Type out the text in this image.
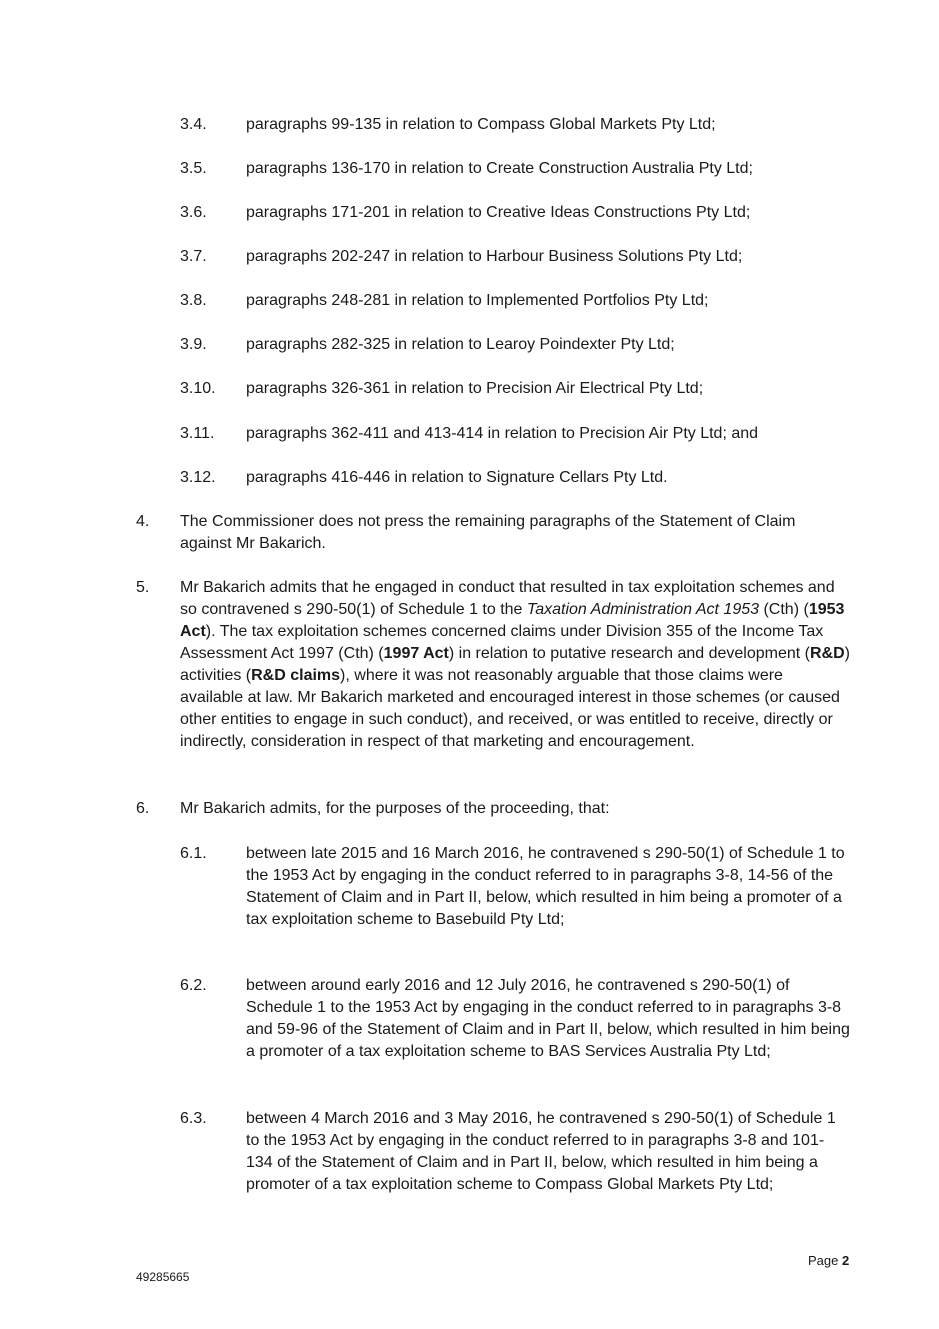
3.4. paragraphs 99-135 in relation to Compass Global Markets Pty Ltd;
3.5. paragraphs 136-170 in relation to Create Construction Australia Pty Ltd;
3.6. paragraphs 171-201 in relation to Creative Ideas Constructions Pty Ltd;
3.7. paragraphs 202-247 in relation to Harbour Business Solutions Pty Ltd;
3.8. paragraphs 248-281 in relation to Implemented Portfolios Pty Ltd;
3.9. paragraphs 282-325 in relation to Learoy Poindexter Pty Ltd;
3.10. paragraphs 326-361 in relation to Precision Air Electrical Pty Ltd;
3.11. paragraphs 362-411 and 413-414 in relation to Precision Air Pty Ltd; and
3.12. paragraphs 416-446 in relation to Signature Cellars Pty Ltd.
4. The Commissioner does not press the remaining paragraphs of the Statement of Claim against Mr Bakarich.
5. Mr Bakarich admits that he engaged in conduct that resulted in tax exploitation schemes and so contravened s 290-50(1) of Schedule 1 to the Taxation Administration Act 1953 (Cth) (1953 Act). The tax exploitation schemes concerned claims under Division 355 of the Income Tax Assessment Act 1997 (Cth) (1997 Act) in relation to putative research and development (R&D) activities (R&D claims), where it was not reasonably arguable that those claims were available at law. Mr Bakarich marketed and encouraged interest in those schemes (or caused other entities to engage in such conduct), and received, or was entitled to receive, directly or indirectly, consideration in respect of that marketing and encouragement.
6. Mr Bakarich admits, for the purposes of the proceeding, that:
6.1. between late 2015 and 16 March 2016, he contravened s 290-50(1) of Schedule 1 to the 1953 Act by engaging in the conduct referred to in paragraphs 3-8, 14-56 of the Statement of Claim and in Part II, below, which resulted in him being a promoter of a tax exploitation scheme to Basebuild Pty Ltd;
6.2. between around early 2016 and 12 July 2016, he contravened s 290-50(1) of Schedule 1 to the 1953 Act by engaging in the conduct referred to in paragraphs 3-8 and 59-96 of the Statement of Claim and in Part II, below, which resulted in him being a promoter of a tax exploitation scheme to BAS Services Australia Pty Ltd;
6.3. between 4 March 2016 and 3 May 2016, he contravened s 290-50(1) of Schedule 1 to the 1953 Act by engaging in the conduct referred to in paragraphs 3-8 and 101-134 of the Statement of Claim and in Part II, below, which resulted in him being a promoter of a tax exploitation scheme to Compass Global Markets Pty Ltd;
Page 2
49285665
